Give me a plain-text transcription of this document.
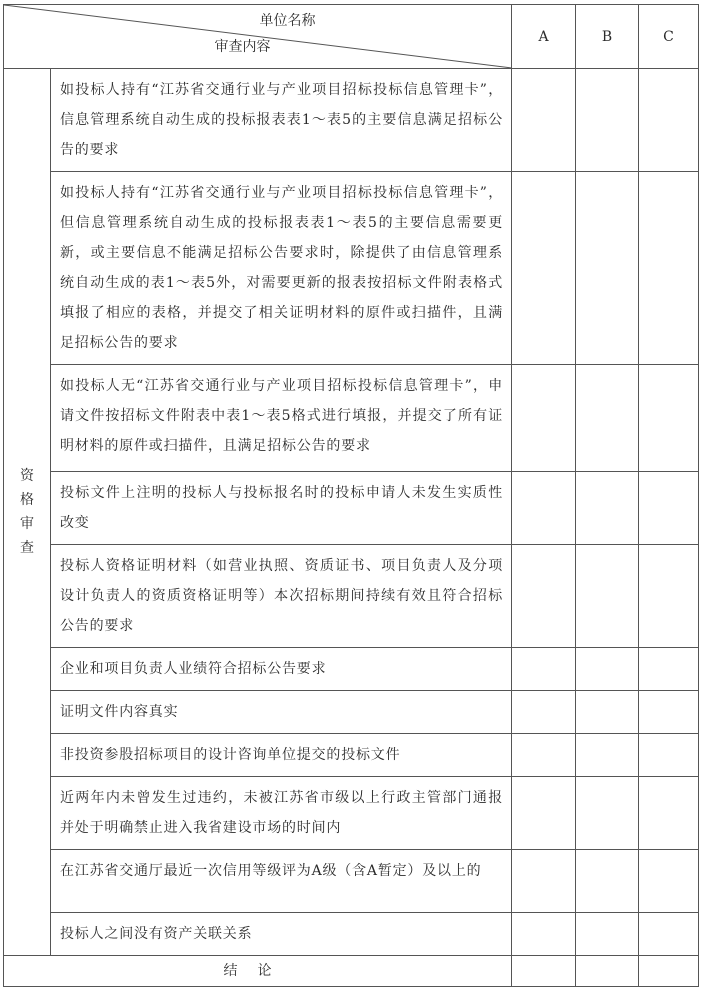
单位名称
审查内容		A	B	C

资格审查	如投标人持有“江苏省交通行业与产业项目招标投标信息管理卡”，信息管理系统自动生成的投标报表表1～表5的主要信息满足招标公告的要求			
	如投标人持有“江苏省交通行业与产业项目招标投标信息管理卡”，但信息管理系统自动生成的投标报表表1～表5的主要信息需要更新，或主要信息不能满足招标公告要求时，除提供了由信息管理系统自动生成的表1～表5外，对需要更新的报表按招标文件附表格式填报了相应的表格，并提交了相关证明材料的原件或扫描件，且满足招标公告的要求			
	如投标人无“江苏省交通行业与产业项目招标投标信息管理卡”，申请文件按招标文件附表中表1～表5格式进行填报，并提交了所有证明材料的原件或扫描件，且满足招标公告的要求			
	投标文件上注明的投标人与投标报名时的投标申请人未发生实质性改变			
	投标人资格证明材料（如营业执照、资质证书、项目负责人及分项设计负责人的资质资格证明等）本次招标期间持续有效且符合招标公告的要求			
	企业和项目负责人业绩符合招标公告要求			
	证明文件内容真实			
	非投资参股招标项目的设计咨询单位提交的投标文件			
	近两年内未曾发生过违约，未被江苏省市级以上行政主管部门通报并处于明确禁止进入我省建设市场的时间内			
	在江苏省交通厅最近一次信用等级评为A级（含A暂定）及以上的			
	投标人之间没有资产关联关系			
结论				
